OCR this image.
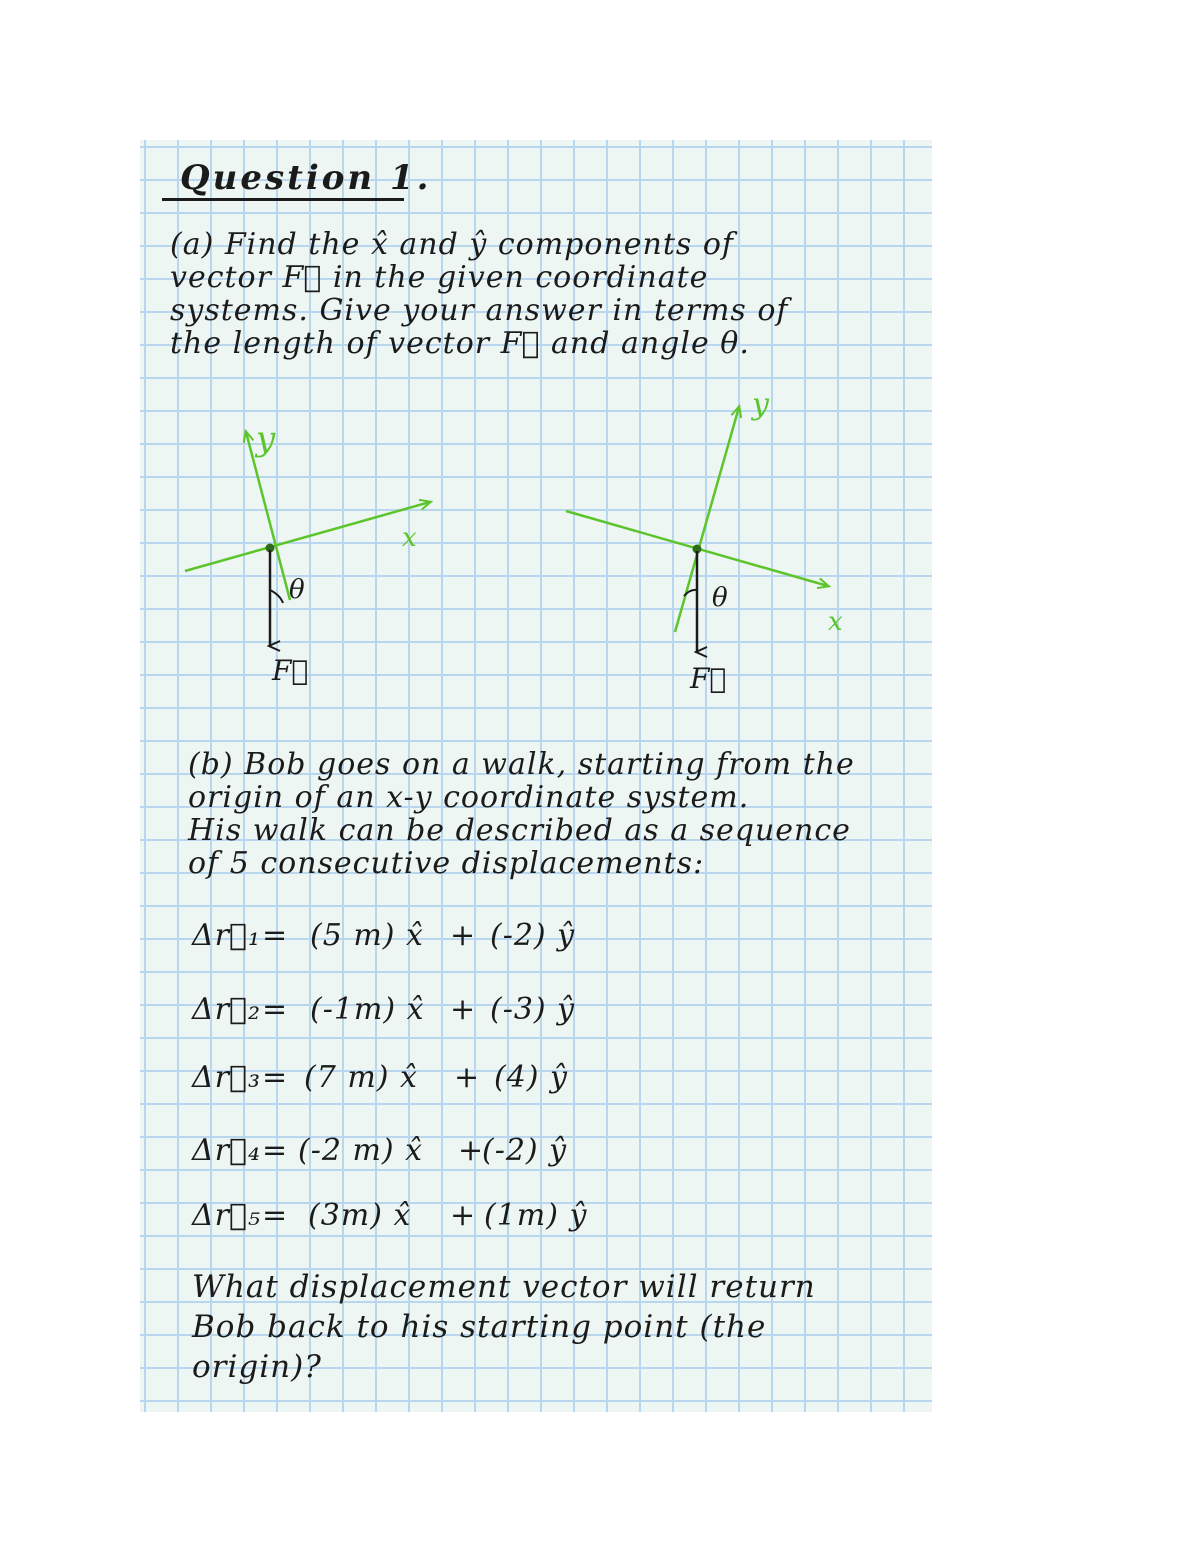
Question 1.
(a) Find the x̂ and ŷ components of
vector F⃗ in the given coordinate
systems. Give your answer in terms of
the length of vector F⃗ and angle θ.
y
x
θ
F⃗
y
x
θ
F⃗
(b) Bob goes on a walk, starting from the
origin of an x-y coordinate system.
His walk can be described as a sequence
of 5 consecutive displacements:
Δr⃗₁ = (5 m) x̂ + (-2) ŷ
Δr⃗₂ = (-1m) x̂ + (-3) ŷ
Δr⃗₃ = (7 m) x̂ + (4) ŷ
Δr⃗₄ = (-2 m) x̂ +
(-2) ŷ
Δr⃗₅ = (3m) x̂ + (1m) ŷ
What displacement vector will return
Bob back to his starting point (the
origin)?
